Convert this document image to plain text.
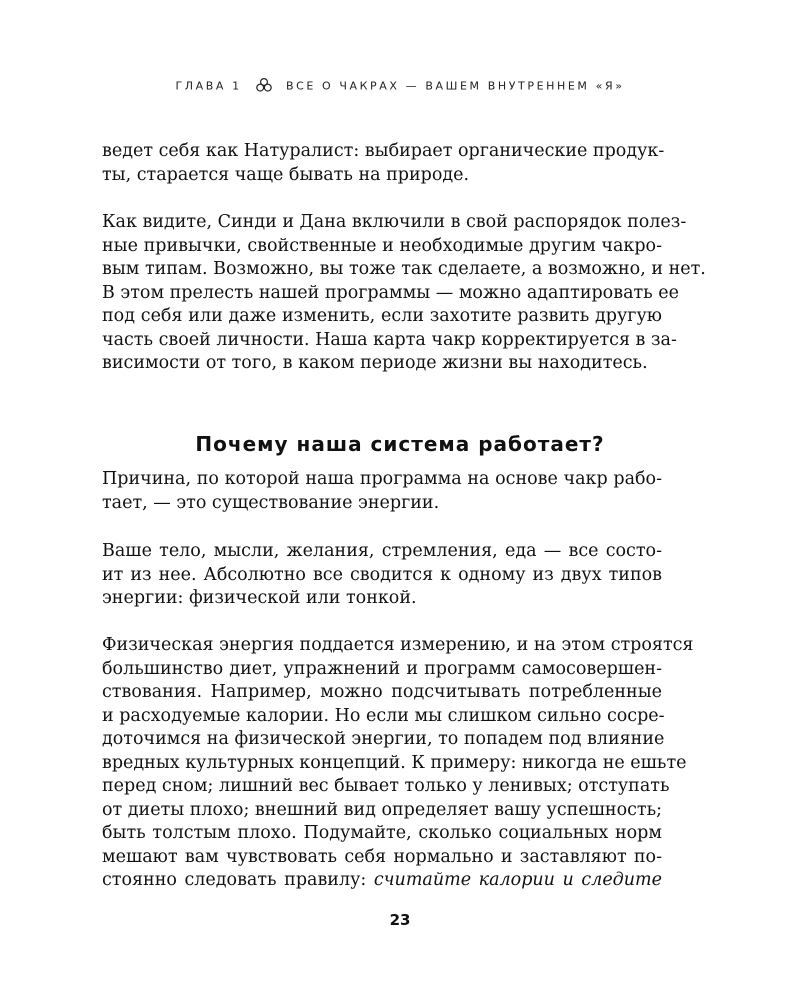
ГЛАВА 1	ВСЕ О ЧАКРАХ — ВАШЕМ ВНУТРЕННЕМ «Я»
ведет себя как Натуралист: выбирает органические продук-
ты, старается чаще бывать на природе.
Как видите, Синди и Дана включили в свой распорядок полез-
ные привычки, свойственные и необходимые другим чакро-
вым типам. Возможно, вы тоже так сделаете, а возможно, и нет.
В этом прелесть нашей программы — можно адаптировать ее
под себя или даже изменить, если захотите развить другую
часть своей личности. Наша карта чакр корректируется в за-
висимости от того, в каком периоде жизни вы находитесь.
Почему наша система работает?
Причина, по которой наша программа на основе чакр рабо-
тает, — это существование энергии.
Ваше тело, мысли, желания, стремления, еда — все состо-
ит из нее. Абсолютно все сводится к одному из двух типов
энергии: физической или тонкой.
Физическая энергия поддается измерению, и на этом строятся
большинство диет, упражнений и программ самосовершен-
ствования. Например, можно подсчитывать потребленные
и расходуемые калории. Но если мы слишком сильно сосре-
доточимся на физической энергии, то попадем под влияние
вредных культурных концепций. К примеру: никогда не ешьте
перед сном; лишний вес бывает только у ленивых; отступать
от диеты плохо; внешний вид определяет вашу успешность;
быть толстым плохо. Подумайте, сколько социальных норм
мешают вам чувствовать себя нормально и заставляют по-
стоянно следовать правилу: считайте калории и следите
23
